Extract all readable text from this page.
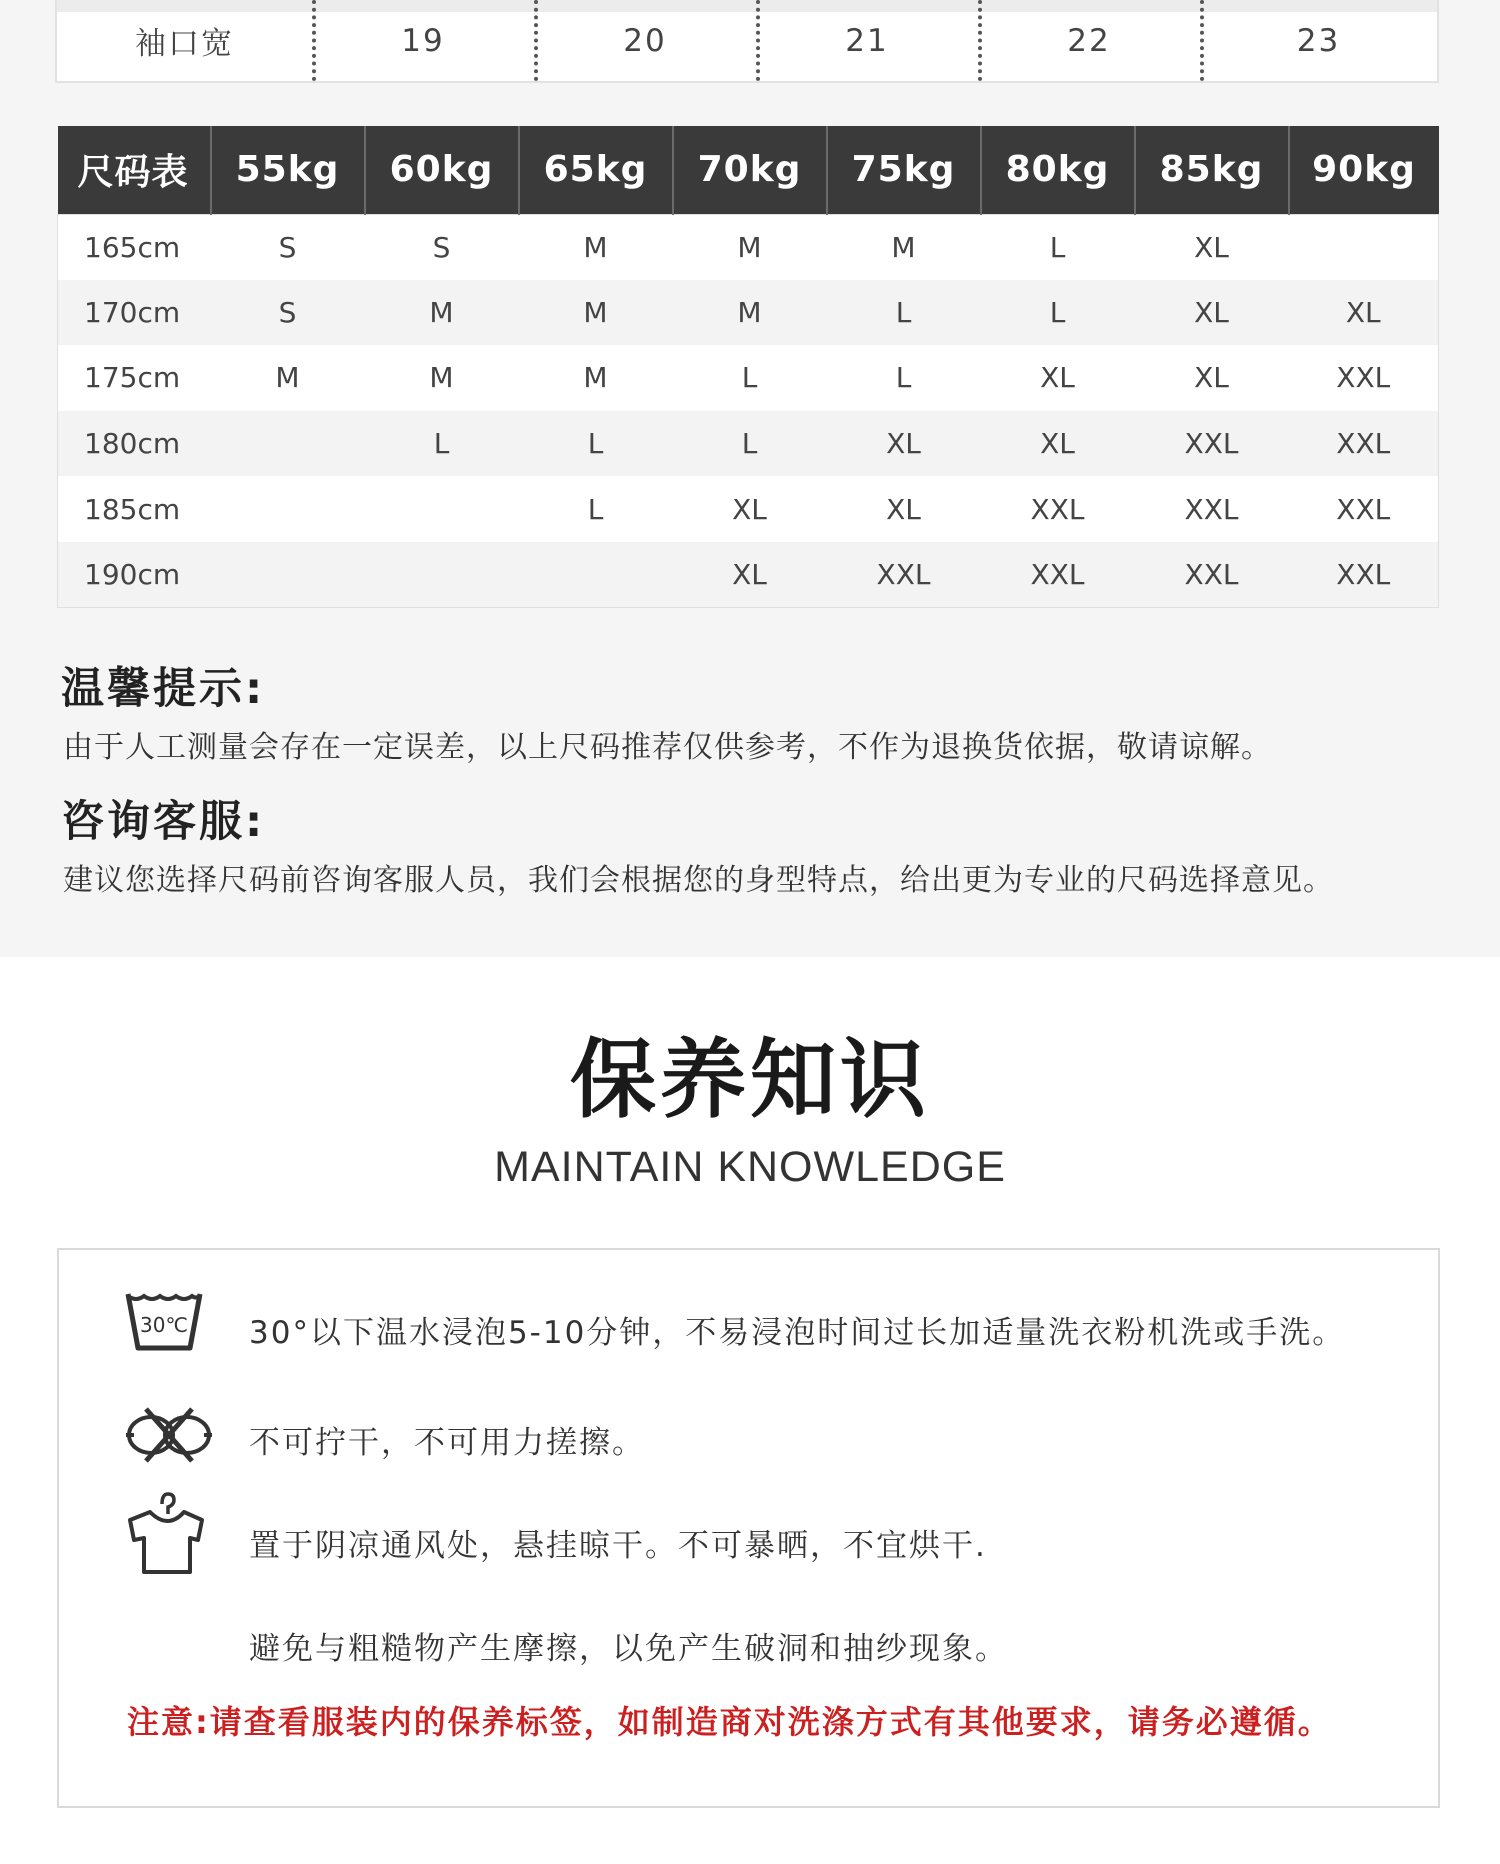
袖口宽	19	20	21	22	23
尺码表	55kg	60kg	65kg	70kg	75kg	80kg	85kg	90kg
165cm	S	S	M	M	M	L	XL	
170cm	S	M	M	M	L	L	XL	XL
175cm	M	M	M	L	L	XL	XL	XXL
180cm		L	L	L	XL	XL	XXL	XXL
185cm			L	XL	XL	XXL	XXL	XXL
190cm				XL	XXL	XXL	XXL	XXL
温馨提示:
由于人工测量会存在一定误差，以上尺码推荐仅供参考，不作为退换货依据，敬请谅解。
咨询客服:
建议您选择尺码前咨询客服人员，我们会根据您的身型特点，给出更为专业的尺码选择意见。
保养知识
MAINTAIN KNOWLEDGE
30℃ 30°以下温水浸泡5-10分钟，不易浸泡时间过长加适量洗衣粉机洗或手洗。
不可拧干，不可用力搓擦。
置于阴凉通风处，悬挂晾干。不可暴晒，不宜烘干.
避免与粗糙物产生摩擦，以免产生破洞和抽纱现象。
注意:请查看服装内的保养标签，如制造商对洗涤方式有其他要求，请务必遵循。
